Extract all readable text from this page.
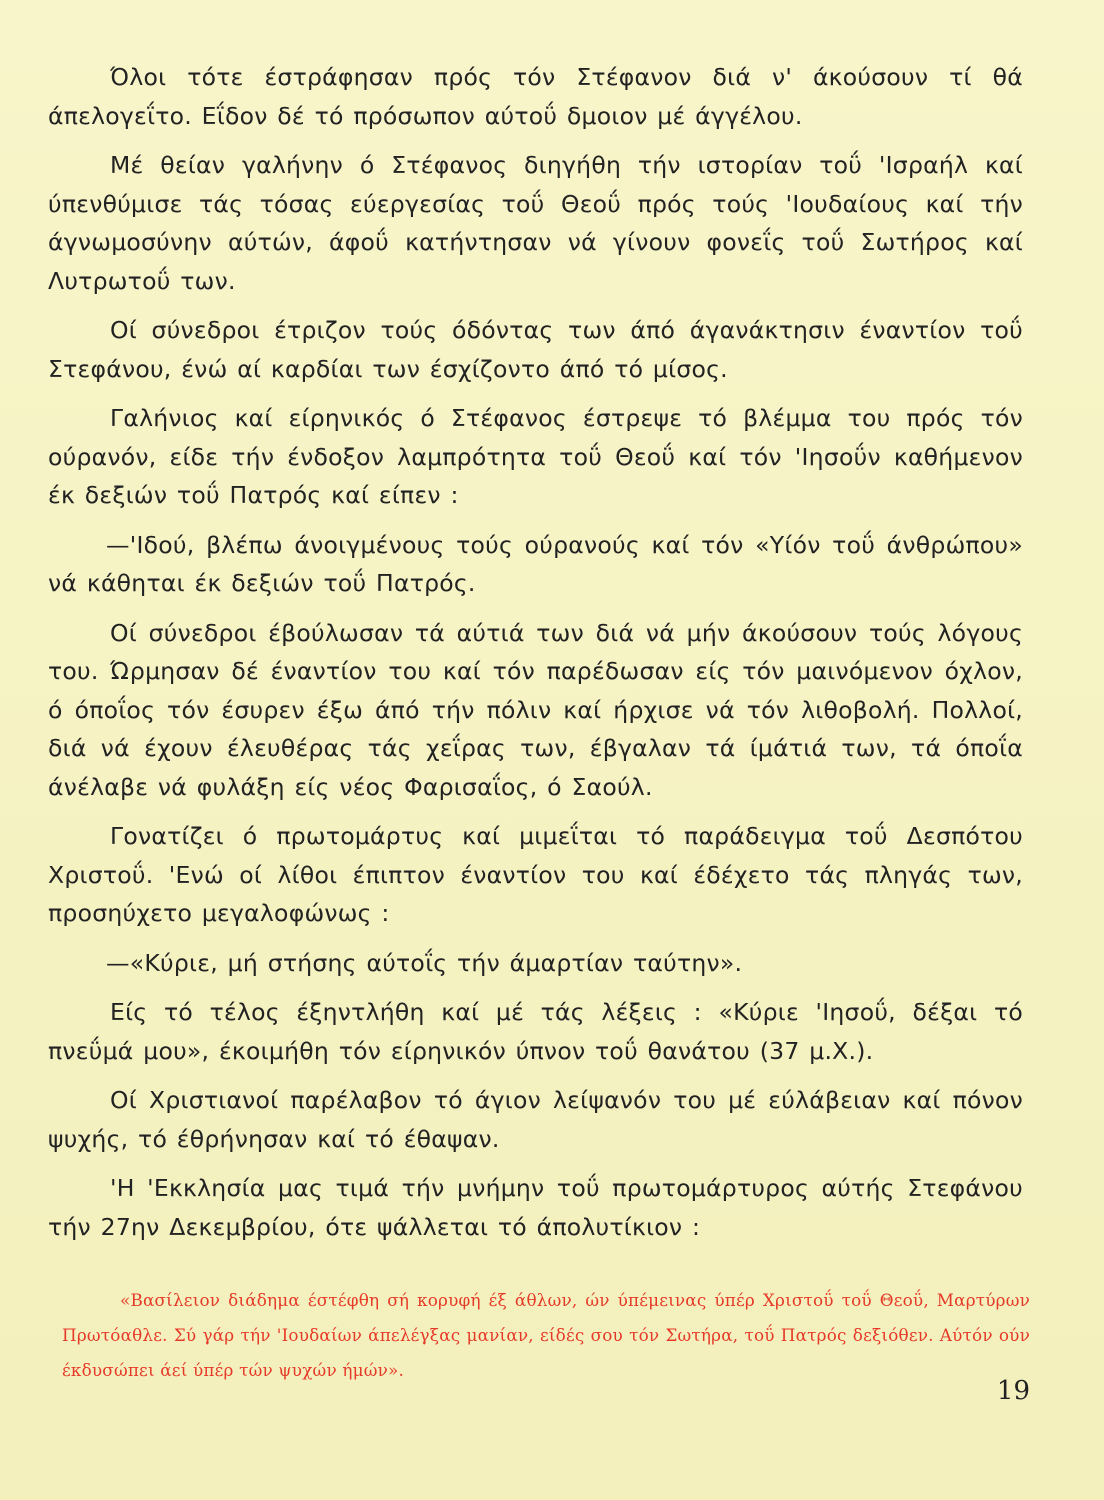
Όλοι τότε έστράφησαν πρός τόν Στέφανον διά ν' άκούσουν τί θά άπελογεΐτο. Εΐδον δέ τό πρόσωπον αύτοΰ δμοιον μέ άγγέλου.

Μέ θείαν γαλήνην ό Στέφανος διηγήθη τήν ιστορίαν τοΰ 'Ισραήλ καί ύπενθύμισε τάς τόσας εύεργεσίας τοΰ Θεοΰ πρός τούς 'Ιουδαίους καί τήν άγνωμοσύνην αύτών, άφοΰ κατήντησαν νά γίνουν φονεΐς τοΰ Σωτήρος καί Λυτρωτοΰ των.

Οί σύνεδροι έτριζον τούς όδόντας των άπό άγανάκτησιν έναντίον τοΰ Στεφάνου, ένώ αί καρδίαι των έσχίζοντο άπό τό μίσος.

Γαλήνιος καί είρηνικός ό Στέφανος έστρεψε τό βλέμμα του πρός τόν ούρανόν, είδε τήν ένδοξον λαμπρότητα τοΰ Θεοΰ καί τόν 'Ιησοΰν καθήμενον έκ δεξιών τοΰ Πατρός καί είπεν :

—'Ιδού, βλέπω άνοιγμένους τούς ούρανούς καί τόν «Υίόν τοΰ άνθρώπου» νά κάθηται έκ δεξιών τοΰ Πατρός.

Οί σύνεδροι έβούλωσαν τά αύτιά των διά νά μήν άκούσουν τούς λόγους του. Ώρμησαν δέ έναντίον του καί τόν παρέδωσαν είς τόν μαινόμενον όχλον, ό όποΐος τόν έσυρεν έξω άπό τήν πόλιν καί ήρχισε νά τόν λιθοβολή. Πολλοί, διά νά έχουν έλευθέρας τάς χεΐρας των, έβγαλαν τά ίμάτιά των, τά όποΐα άνέλαβε νά φυλάξη είς νέος Φαρισαΐος, ό Σαούλ.

Γονατίζει ό πρωτομάρτυς καί μιμεΐται τό παράδειγμα τοΰ Δεσπότου Χριστοΰ. 'Ενώ οί λίθοι έπιπτον έναντίον του καί έδέχετο τάς πληγάς των, προσηύχετο μεγαλοφώνως :

—«Κύριε, μή στήσης αύτοΐς τήν άμαρτίαν ταύτην».

Είς τό τέλος έξηντλήθη καί μέ τάς λέξεις : «Κύριε 'Ιησοΰ, δέξαι τό πνεΰμά μου», έκοιμήθη τόν είρηνικόν ύπνον τοΰ θανάτου (37 μ.Χ.).

Οί Χριστιανοί παρέλαβον τό άγιον λείψανόν του μέ εύλάβειαν καί πόνον ψυχής, τό έθρήνησαν καί τό έθαψαν.

'Η 'Εκκλησία μας τιμά τήν μνήμην τοΰ πρωτομάρτυρος αύτής Στεφάνου τήν 27ην Δεκεμβρίου, ότε ψάλλεται τό άπολυτίκιον :

«Βασίλειον διάδημα έστέφθη σή κορυφή έξ άθλων, ών ύπέμεινας ύπέρ Χριστοΰ τοΰ Θεοΰ, Μαρτύρων Πρωτόαθλε. Σύ γάρ τήν 'Ιουδαίων άπελέγξας μανίαν, είδές σου τόν Σωτήρα, τοΰ Πατρός δεξιόθεν. Αύτόν ούν έκδυσώπει άεί ύπέρ τών ψυχών ήμών».

19
